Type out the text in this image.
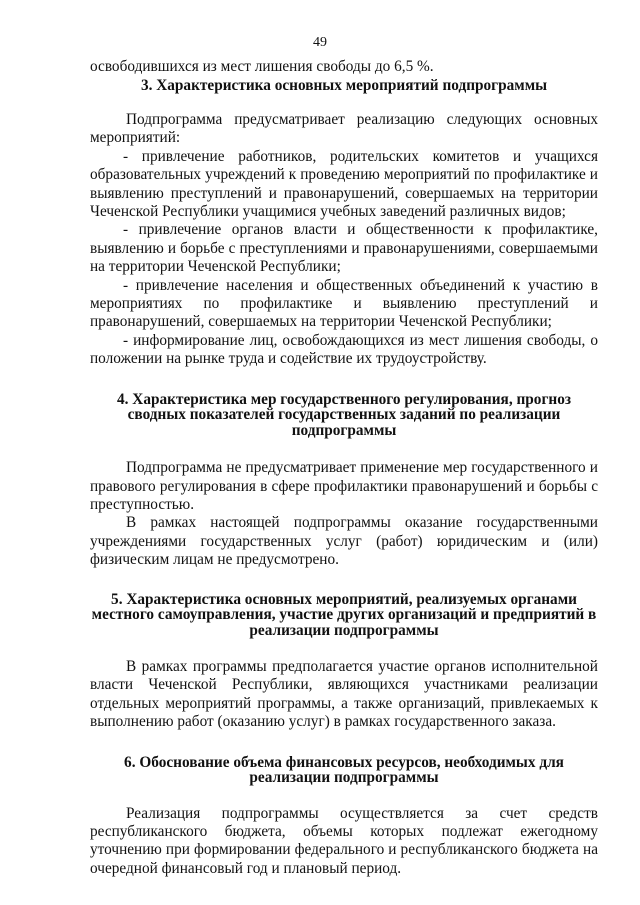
49

освободившихся из мест лишения свободы до 6,5 %.

3. Характеристика основных мероприятий подпрограммы

Подпрограмма предусматривает реализацию следующих основных мероприятий:

- привлечение работников, родительских комитетов и учащихся образовательных учреждений к проведению мероприятий по профилактике и выявлению преступлений и правонарушений, совершаемых на территории Чеченской Республики учащимися учебных заведений различных видов;

- привлечение органов власти и общественности к профилактике, выявлению и борьбе с преступлениями и правонарушениями, совершаемыми на территории Чеченской Республики;

- привлечение населения и общественных объединений к участию в мероприятиях по профилактике и выявлению преступлений и правонарушений, совершаемых на территории Чеченской Республики;

- информирование лиц, освобождающихся из мест лишения свободы, о положении на рынке труда и содействие их трудоустройству.

4. Характеристика мер государственного регулирования, прогноз сводных показателей государственных заданий по реализации подпрограммы

Подпрограмма не предусматривает применение мер государственного и правового регулирования в сфере профилактики правонарушений и борьбы с преступностью.

В рамках настоящей подпрограммы оказание государственными учреждениями государственных услуг (работ) юридическим и (или) физическим лицам не предусмотрено.

5. Характеристика основных мероприятий, реализуемых органами местного самоуправления, участие других организаций и предприятий в реализации подпрограммы

В рамках программы предполагается участие органов исполнительной власти Чеченской Республики, являющихся участниками реализации отдельных мероприятий программы, а также организаций, привлекаемых к выполнению работ (оказанию услуг) в рамках государственного заказа.

6. Обоснование объема финансовых ресурсов, необходимых для реализации подпрограммы

Реализация подпрограммы осуществляется за счет средств республиканского бюджета, объемы которых подлежат ежегодному уточнению при формировании федерального и республиканского бюджета на очередной финансовый год и плановый период.
